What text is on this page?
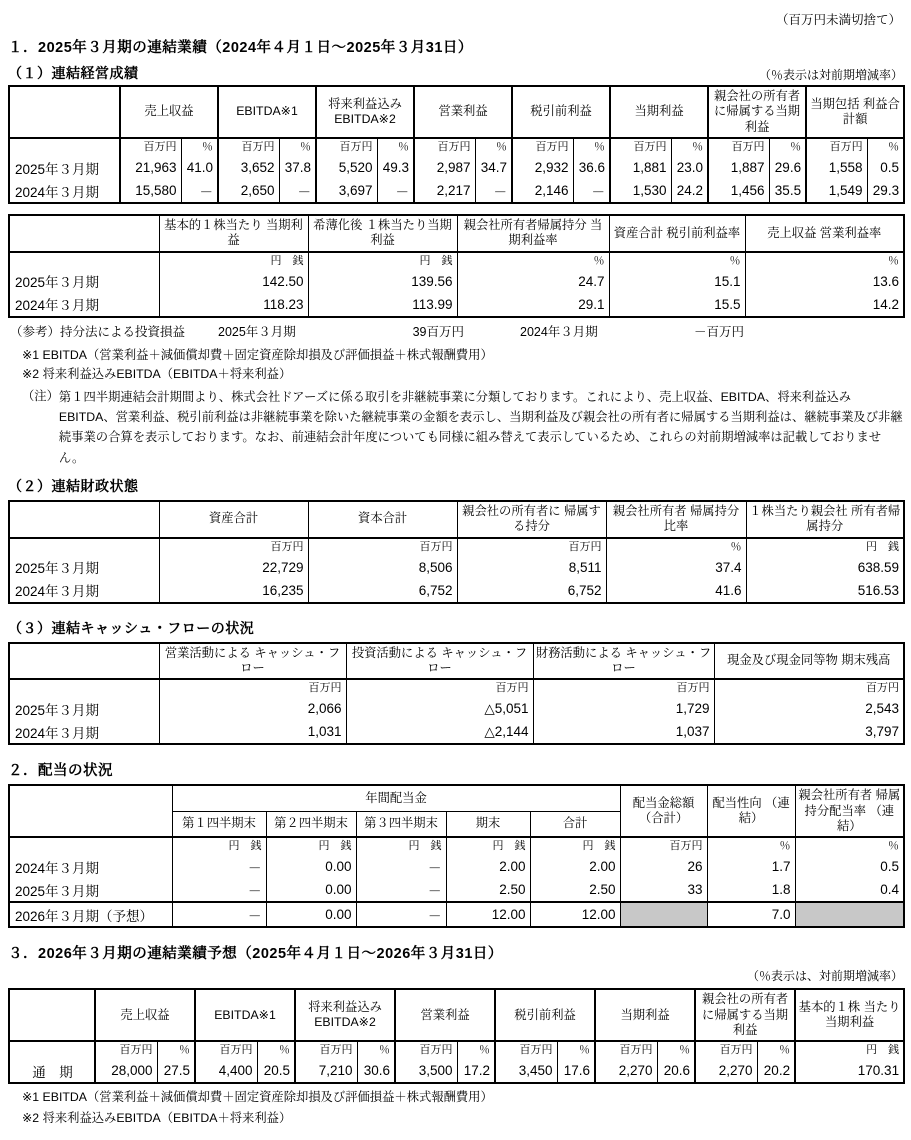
（百万円未満切捨て）
１．2025年３月期の連結業績（2024年４月１日～2025年３月31日）
（１）連結経営成績	（％表示は対前期増減率）
	売上収益		EBITDA※1		将来利益込み EBITDA※2		営業利益		税引前利益		当期利益		親会社の所有者に帰属する当期利益		当期包括 利益合計額	
	百万円	％	百万円	％	百万円	％	百万円	％	百万円	％	百万円	％	百万円	％	百万円	％
2025年３月期	21,963	41.0	3,652	37.8	5,520	49.3	2,987	34.7	2,932	36.6	1,881	23.0	1,887	29.6	1,558	0.5
2024年３月期	15,580	－	2,650	－	3,697	－	2,217	－	2,146	－	1,530	24.2	1,456	35.5	1,549	29.3
	基本的１株当たり 当期利益	希薄化後 １株当たり当期利益	親会社所有者帰属持分 当期利益率	資産合計 税引前利益率	売上収益 営業利益率
	円　銭	円　銭	％	％	％
2025年３月期	142.50	139.56	24.7	15.1	13.6
2024年３月期	118.23	113.99	29.1	15.5	14.2
（参考）持分法による投資損益	2025年３月期	39百万円	2024年３月期	－百万円
※1 EBITDA（営業利益＋減価償却費＋固定資産除却損及び評価損益＋株式報酬費用）
※2 将来利益込みEBITDA（EBITDA＋将来利益）
（注） 第１四半期連結会計期間より、株式会社ドアーズに係る取引を非継続事業に分類しております。これにより、売上収益、EBITDA、将来利益込みEBITDA、営業利益、税引前利益は非継続事業を除いた継続事業の金額を表示し、当期利益及び親会社の所有者に帰属する当期利益は、継続事業及び非継続事業の合算を表示しております。なお、前連結会計年度についても同様に組み替えて表示しているため、これらの対前期増減率は記載しておりません。
（２）連結財政状態
	資産合計	資本合計	親会社の所有者に 帰属する持分	親会社所有者 帰属持分比率	１株当たり親会社 所有者帰属持分
	百万円	百万円	百万円	％	円　銭
2025年３月期	22,729	8,506	8,511	37.4	638.59
2024年３月期	16,235	6,752	6,752	41.6	516.53
（３）連結キャッシュ・フローの状況
	営業活動による キャッシュ・フロー	投資活動による キャッシュ・フロー	財務活動による キャッシュ・フロー	現金及び現金同等物 期末残高
	百万円	百万円	百万円	百万円
2025年３月期	2,066	△5,051	1,729	2,543
2024年３月期	1,031	△2,144	1,037	3,797
２．配当の状況
	年間配当金					配当金総額 （合計）	配当性向 （連結）	親会社所有者 帰属持分配当率 （連結）
	第１四半期末	第２四半期末	第３四半期末	期末	合計			
	円　銭	円　銭	円　銭	円　銭	円　銭	百万円	％	％
2024年３月期	－	0.00	－	2.00	2.00	26	1.7	0.5
2025年３月期	－	0.00	－	2.50	2.50	33	1.8	0.4
2026年３月期（予想）	－	0.00	－	12.00	12.00		7.0	
３．2026年３月期の連結業績予想（2025年４月１日～2026年３月31日）
（％表示は、対前期増減率）
	売上収益		EBITDA※1		将来利益込み EBITDA※2		営業利益		税引前利益		当期利益		親会社の所有者に帰属する当期利益		基本的１株 当たり当期利益
	百万円	％	百万円	％	百万円	％	百万円	％	百万円	％	百万円	％	百万円	％	円　銭
通　期	28,000	27.5	4,400	20.5	7,210	30.6	3,500	17.2	3,450	17.6	2,270	20.6	2,270	20.2	170.31
※1 EBITDA（営業利益＋減価償却費＋固定資産除却損及び評価損益＋株式報酬費用）
※2 将来利益込みEBITDA（EBITDA＋将来利益）
